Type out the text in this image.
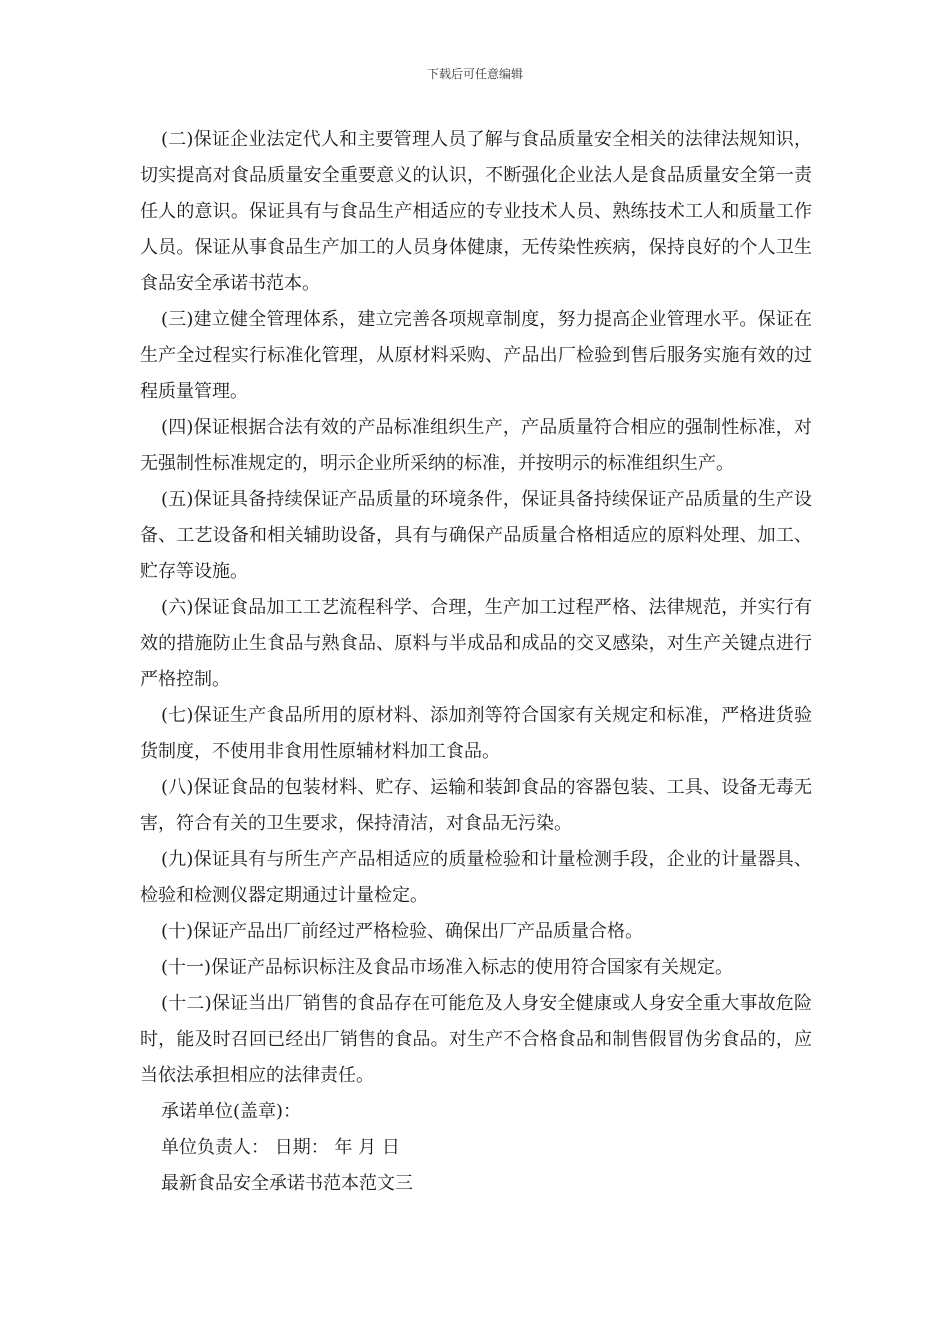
下载后可任意编辑

(二)保证企业法定代人和主要管理人员了解与食品质量安全相关的法律法规知识，切实提高对食品质量安全重要意义的认识，不断强化企业法人是食品质量安全第一责任人的意识。保证具有与食品生产相适应的专业技术人员、熟练技术工人和质量工作人员。保证从事食品生产加工的人员身体健康，无传染性疾病，保持良好的个人卫生食品安全承诺书范本。

(三)建立健全管理体系，建立完善各项规章制度，努力提高企业管理水平。保证在生产全过程实行标准化管理，从原材料采购、产品出厂检验到售后服务实施有效的过程质量管理。

(四)保证根据合法有效的产品标准组织生产，产品质量符合相应的强制性标准，对无强制性标准规定的，明示企业所采纳的标准，并按明示的标准组织生产。

(五)保证具备持续保证产品质量的环境条件，保证具备持续保证产品质量的生产设备、工艺设备和相关辅助设备，具有与确保产品质量合格相适应的原料处理、加工、贮存等设施。

(六)保证食品加工工艺流程科学、合理，生产加工过程严格、法律规范，并实行有效的措施防止生食品与熟食品、原料与半成品和成品的交叉感染，对生产关键点进行严格控制。

(七)保证生产食品所用的原材料、添加剂等符合国家有关规定和标准，严格进货验货制度，不使用非食用性原辅材料加工食品。

(八)保证食品的包装材料、贮存、运输和装卸食品的容器包装、工具、设备无毒无害，符合有关的卫生要求，保持清洁，对食品无污染。

(九)保证具有与所生产产品相适应的质量检验和计量检测手段，企业的计量器具、检验和检测仪器定期通过计量检定。

(十)保证产品出厂前经过严格检验、确保出厂产品质量合格。

(十一)保证产品标识标注及食品市场准入标志的使用符合国家有关规定。

(十二)保证当出厂销售的食品存在可能危及人身安全健康或人身安全重大事故危险时，能及时召回已经出厂销售的食品。对生产不合格食品和制售假冒伪劣食品的，应当依法承担相应的法律责任。

承诺单位(盖章)：

单位负责人： 日期： 年 月 日

最新食品安全承诺书范本范文三
